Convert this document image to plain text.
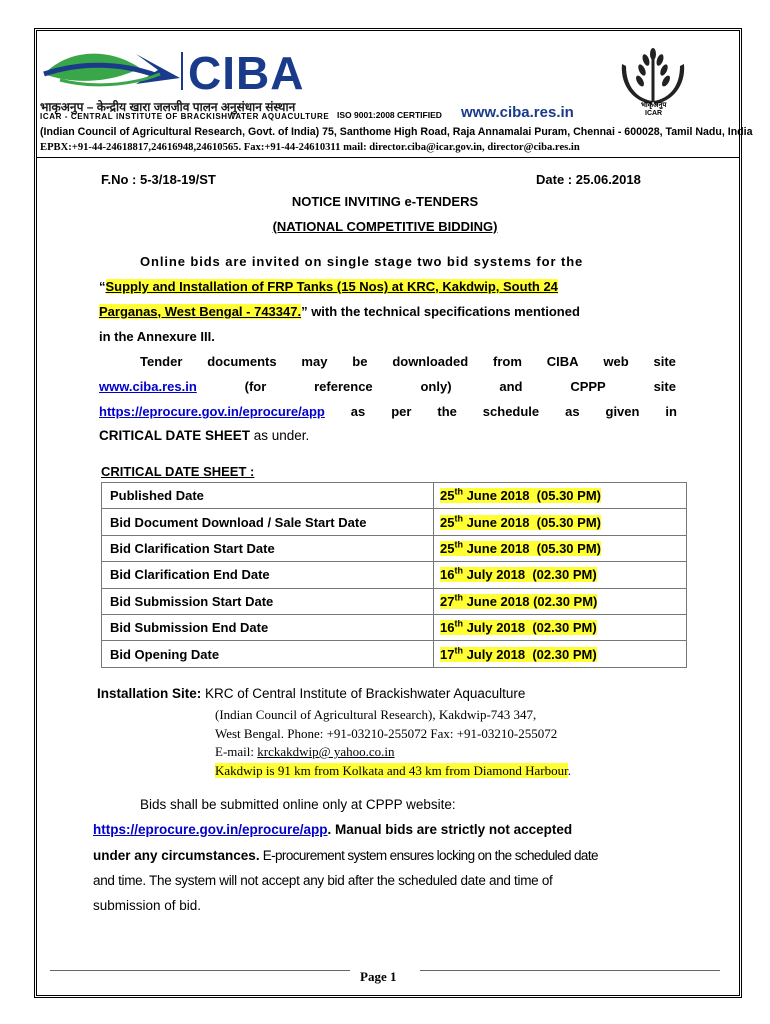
CIBA
भाकृअनुप – केन्द्रीय खारा जलजीव पालन अनुसंधान संस्थान
ICAR - CENTRAL INSTITUTE OF BRACKISHWATER AQUACULTURE ISO 9001:2008 CERTIFIED www.ciba.res.in	भाकृअनुप
ICAR
(Indian Council of Agricultural Research, Govt. of India) 75, Santhome High Road, Raja Annamalai Puram, Chennai - 600028, Tamil Nadu, India
EPBX:+91-44-24618817,24616948,24610565. Fax:+91-44-24610311 mail: director.ciba@icar.gov.in, director@ciba.res.in
F.No : 5-3/18-19/ST	Date : 25.06.2018
NOTICE INVITING e-TENDERS
(NATIONAL COMPETITIVE BIDDING)
Online bids are invited on single stage two bid systems for the
“Supply and Installation of FRP Tanks (15 Nos) at KRC, Kakdwip, South 24
Parganas, West Bengal - 743347.” with the technical specifications mentioned
in the Annexure III.
Tender documents may be downloaded from CIBA web site
www.ciba.res.in	(for	reference	only)	and	CPPP	site
https://eprocure.gov.in/eprocure/app as per the schedule as given in
CRITICAL DATE SHEET as under.
CRITICAL DATE SHEET :
Published Date	25th June 2018  (05.30 PM)
Bid Document Download / Sale Start Date	25th June 2018  (05.30 PM)
Bid Clarification Start Date	25th June 2018  (05.30 PM)
Bid Clarification End Date	16th July 2018  (02.30 PM)
Bid Submission Start Date	27th June 2018 (02.30 PM)
Bid Submission End Date	16th July 2018  (02.30 PM)
Bid Opening Date	17th July 2018  (02.30 PM)
Installation Site: KRC of Central Institute of Brackishwater Aquaculture
(Indian Council of Agricultural Research), Kakdwip-743 347,
West Bengal. Phone: +91-03210-255072 Fax: +91-03210-255072
E-mail: krckakdwip@ yahoo.co.in
Kakdwip is 91 km from Kolkata and 43 km from Diamond Harbour.
Bids shall be submitted online only at CPPP website:
https://eprocure.gov.in/eprocure/app. Manual bids are strictly not accepted
under any circumstances. E-procurement system ensures locking on the scheduled date
and time. The system will not accept any bid after the scheduled date and time of
submission of bid.
Page 1
